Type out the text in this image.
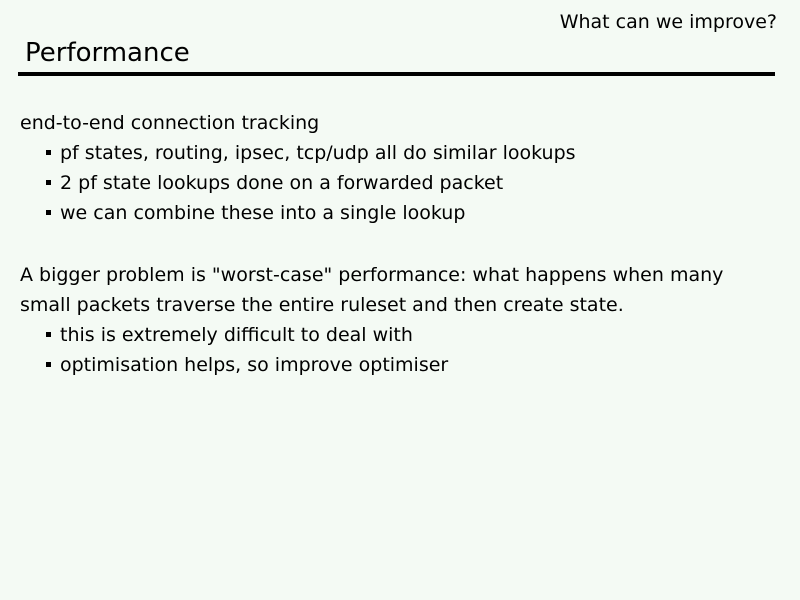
What can we improve?
Performance
end-to-end connection tracking
pf states, routing, ipsec, tcp/udp all do similar lookups
2 pf state lookups done on a forwarded packet
we can combine these into a single lookup
A bigger problem is "worst-case" performance: what happens when many
small packets traverse the entire ruleset and then create state.
this is extremely difficult to deal with
optimisation helps, so improve optimiser
